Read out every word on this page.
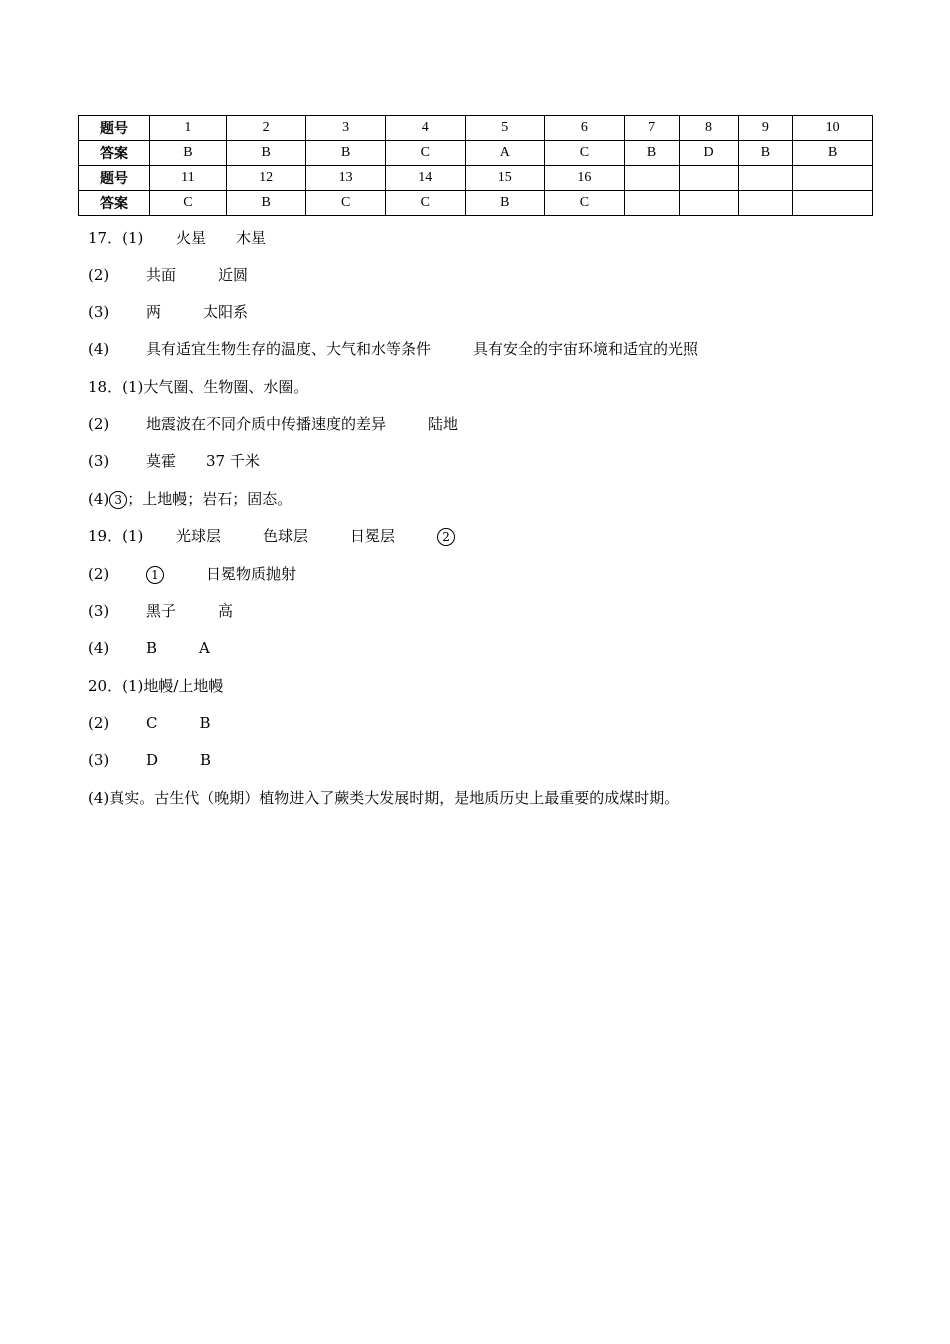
题号	1	2	3	4	5	6	7	8	9	10
答案	B	B	B	C	A	C	B	D	B	B
题号	11	12	13	14	15	16				
答案	C	B	C	C	B	C				
17．(1) 火星 木星
(2) 共面	近圆
(3) 两	太阳系
(4) 具有适宜生物生存的温度、大气和水等条件	具有安全的宇宙环境和适宜的光照
18．(1)大气圈、生物圈、水圈。
(2) 地震波在不同介质中传播速度的差异	陆地
(3) 莫霍 37 千米
(4) 3 ；上地幔；岩石；固态。
19．(1) 光球层	色球层	日冕层	2
(2)	1	日冕物质抛射
(3) 黑子	高
(4) B	A
20．(1)地幔/上地幔
(2) C	B
(3) D	B
(4)真实。古生代（晚期）植物进入了蕨类大发展时期，是地质历史上最重要的成煤时期。
